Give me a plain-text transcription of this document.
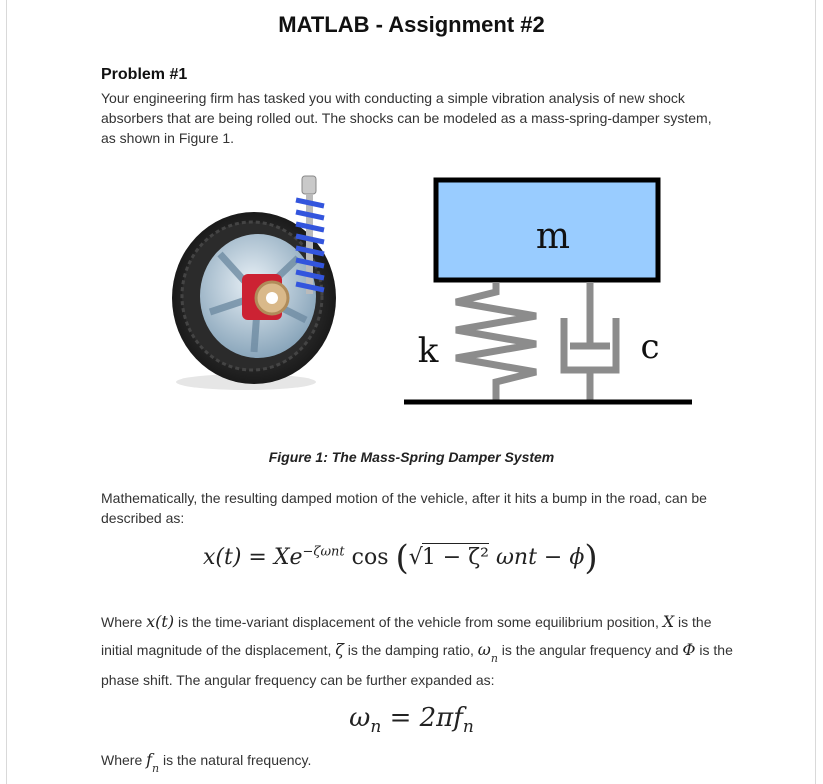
MATLAB - Assignment #2
Problem #1
Your engineering firm has tasked you with conducting a simple vibration analysis of new shock absorbers that are being rolled out. The shocks can be modeled as a mass-spring-damper system, as shown in Figure 1.
m
k	c
Figure 1: The Mass-Spring Damper System
Mathematically, the resulting damped motion of the vehicle, after it hits a bump in the road, can be described as:
$x(t) = Xe^{-\zeta\omega nt}$ cos (√1 − ζ² ωnt − ϕ)
Where x(t) is the time-variant displacement of the vehicle from some equilibrium position, X is the initial magnitude of the displacement, ζ is the damping ratio, $\omega_n$ is the angular frequency and Φ is the phase shift. The angular frequency can be further expanded as:
$\omega_n = 2\pi f_n$
Where $f_n$ is the natural frequency.
